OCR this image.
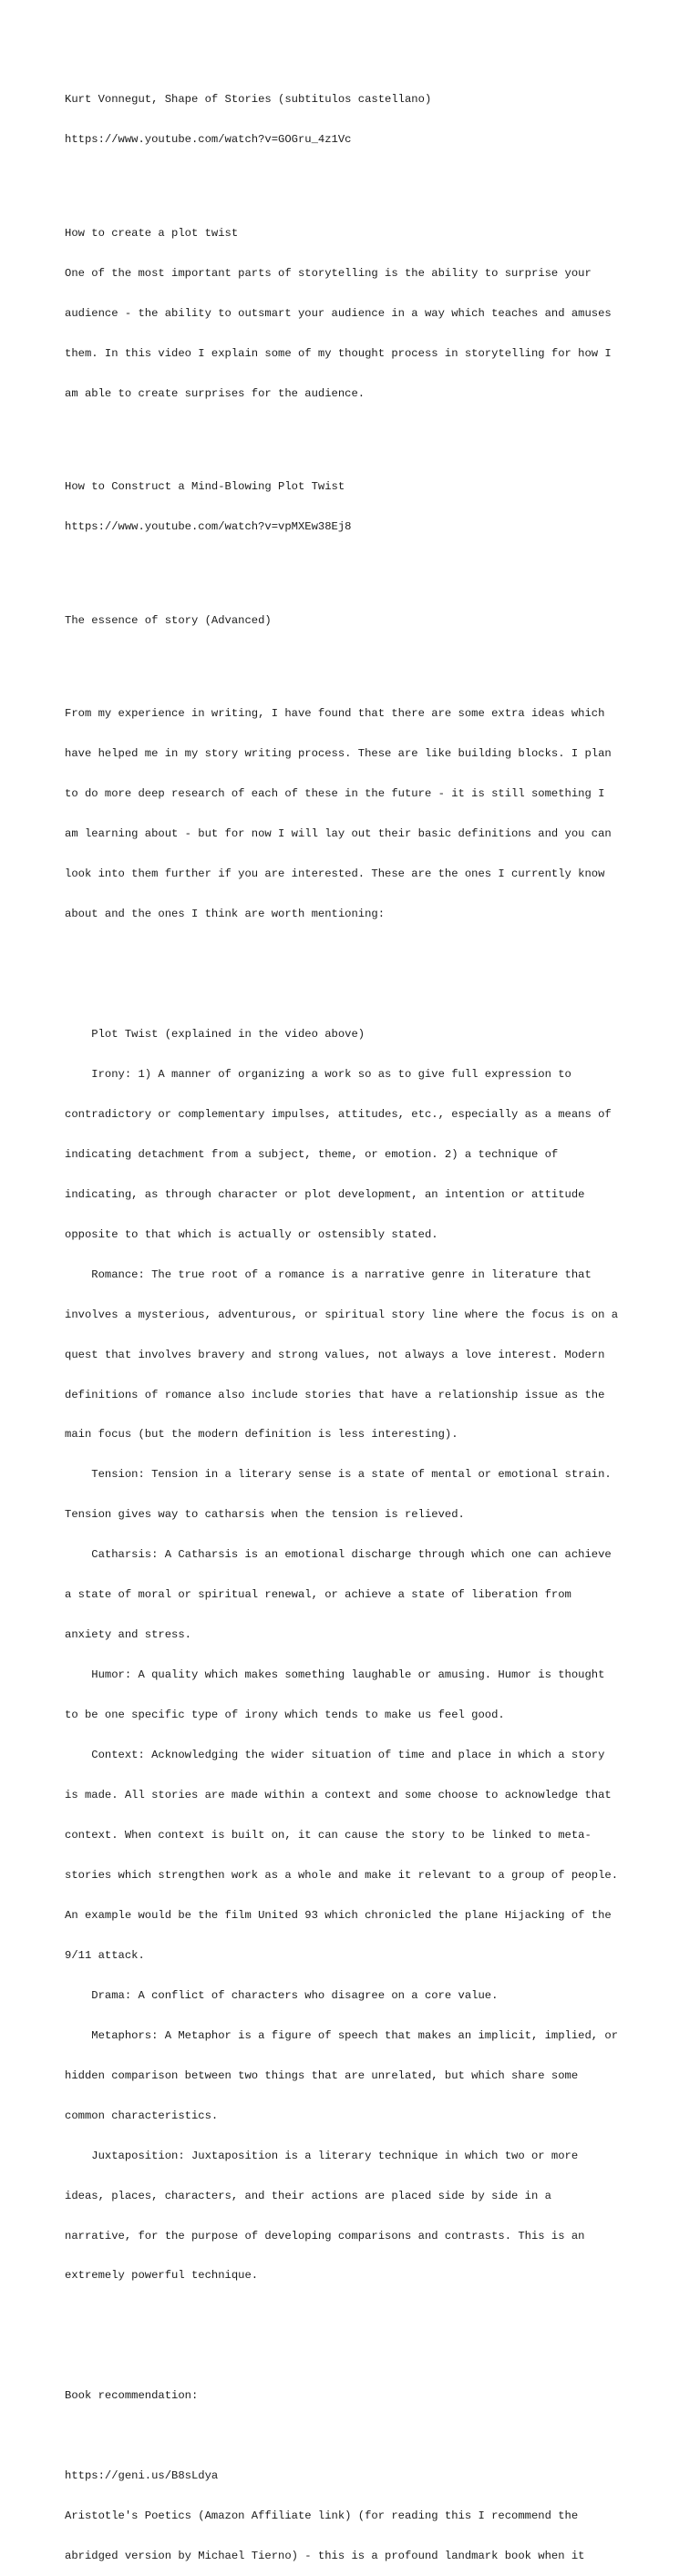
Kurt Vonnegut, Shape of Stories (subtitulos castellano)

https://www.youtube.com/watch?v=GOGru_4z1Vc

How to create a plot twist

One of the most important parts of storytelling is the ability to surprise your

audience - the ability to outsmart your audience in a way which teaches and amuses

them. In this video I explain some of my thought process in storytelling for how I

am able to create surprises for the audience.

How to Construct a Mind-Blowing Plot Twist

https://www.youtube.com/watch?v=vpMXEw38Ej8

The essence of story (Advanced)

From my experience in writing, I have found that there are some extra ideas which

have helped me in my story writing process. These are like building blocks. I plan

to do more deep research of each of these in the future - it is still something I

am learning about - but for now I will lay out their basic definitions and you can

look into them further if you are interested. These are the ones I currently know

about and the ones I think are worth mentioning:

Plot Twist (explained in the video above)

Irony: 1) A manner of organizing a work so as to give full expression to

contradictory or complementary impulses, attitudes, etc., especially as a means of

indicating detachment from a subject, theme, or emotion. 2) a technique of

indicating, as through character or plot development, an intention or attitude

opposite to that which is actually or ostensibly stated.

Romance: The true root of a romance is a narrative genre in literature that

involves a mysterious, adventurous, or spiritual story line where the focus is on a

quest that involves bravery and strong values, not always a love interest. Modern

definitions of romance also include stories that have a relationship issue as the

main focus (but the modern definition is less interesting).

Tension: Tension in a literary sense is a state of mental or emotional strain.

Tension gives way to catharsis when the tension is relieved.

Catharsis: A Catharsis is an emotional discharge through which one can achieve

a state of moral or spiritual renewal, or achieve a state of liberation from

anxiety and stress.

Humor: A quality which makes something laughable or amusing. Humor is thought

to be one specific type of irony which tends to make us feel good.

Context: Acknowledging the wider situation of time and place in which a story

is made. All stories are made within a context and some choose to acknowledge that

context. When context is built on, it can cause the story to be linked to meta-

stories which strengthen work as a whole and make it relevant to a group of people.

An example would be the film United 93 which chronicled the plane Hijacking of the

9/11 attack.

Drama: A conflict of characters who disagree on a core value.

Metaphors: A Metaphor is a figure of speech that makes an implicit, implied, or

hidden comparison between two things that are unrelated, but which share some

common characteristics.

Juxtaposition: Juxtaposition is a literary technique in which two or more

ideas, places, characters, and their actions are placed side by side in a

narrative, for the purpose of developing comparisons and contrasts. This is an

extremely powerful technique.

Book recommendation:

https://geni.us/B8sLdya

Aristotle's Poetics (Amazon Affiliate link) (for reading this I recommend the

abridged version by Michael Tierno) - this is a profound landmark book when it
